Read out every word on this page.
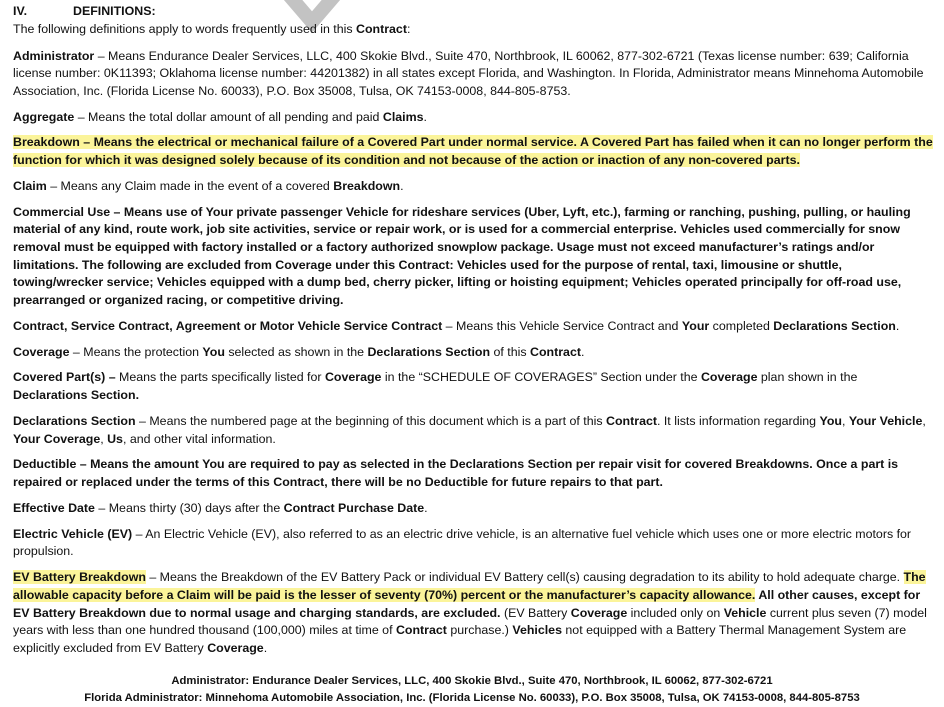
IV.	DEFINITIONS:

The following definitions apply to words frequently used in this Contract:

Administrator – Means Endurance Dealer Services, LLC, 400 Skokie Blvd., Suite 470, Northbrook, IL 60062, 877-302-6721 (Texas license number: 639; California license number: 0K11393; Oklahoma license number: 44201382) in all states except Florida, and Washington. In Florida, Administrator means Minnehoma Automobile Association, Inc. (Florida License No. 60033), P.O. Box 35008, Tulsa, OK 74153-0008, 844-805-8753.

Aggregate – Means the total dollar amount of all pending and paid Claims.

Breakdown – Means the electrical or mechanical failure of a Covered Part under normal service. A Covered Part has failed when it can no longer perform the function for which it was designed solely because of its condition and not because of the action or inaction of any non-covered parts.

Claim – Means any Claim made in the event of a covered Breakdown.

Commercial Use – Means use of Your private passenger Vehicle for rideshare services (Uber, Lyft, etc.), farming or ranching, pushing, pulling, or hauling material of any kind, route work, job site activities, service or repair work, or is used for a commercial enterprise. Vehicles used commercially for snow removal must be equipped with factory installed or a factory authorized snowplow package. Usage must not exceed manufacturer’s ratings and/or limitations. The following are excluded from Coverage under this Contract: Vehicles used for the purpose of rental, taxi, limousine or shuttle, towing/wrecker service; Vehicles equipped with a dump bed, cherry picker, lifting or hoisting equipment; Vehicles operated principally for off-road use, prearranged or organized racing, or competitive driving.

Contract, Service Contract, Agreement or Motor Vehicle Service Contract – Means this Vehicle Service Contract and Your completed Declarations Section.

Coverage – Means the protection You selected as shown in the Declarations Section of this Contract.

Covered Part(s) – Means the parts specifically listed for Coverage in the “SCHEDULE OF COVERAGES” Section under the Coverage plan shown in the Declarations Section.

Declarations Section – Means the numbered page at the beginning of this document which is a part of this Contract. It lists information regarding You, Your Vehicle, Your Coverage, Us, and other vital information.

Deductible – Means the amount You are required to pay as selected in the Declarations Section per repair visit for covered Breakdowns. Once a part is repaired or replaced under the terms of this Contract, there will be no Deductible for future repairs to that part.

Effective Date – Means thirty (30) days after the Contract Purchase Date.

Electric Vehicle (EV) – An Electric Vehicle (EV), also referred to as an electric drive vehicle, is an alternative fuel vehicle which uses one or more electric motors for propulsion.

EV Battery Breakdown – Means the Breakdown of the EV Battery Pack or individual EV Battery cell(s) causing degradation to its ability to hold adequate charge. The allowable capacity before a Claim will be paid is the lesser of seventy (70%) percent or the manufacturer’s capacity allowance. All other causes, except for EV Battery Breakdown due to normal usage and charging standards, are excluded. (EV Battery Coverage included only on Vehicle current plus seven (7) model years with less than one hundred thousand (100,000) miles at time of Contract purchase.) Vehicles not equipped with a Battery Thermal Management System are explicitly excluded from EV Battery Coverage.

Administrator: Endurance Dealer Services, LLC, 400 Skokie Blvd., Suite 470, Northbrook, IL 60062, 877-302-6721
Florida Administrator: Minnehoma Automobile Association, Inc. (Florida License No. 60033), P.O. Box 35008, Tulsa, OK 74153-0008, 844-805-8753
